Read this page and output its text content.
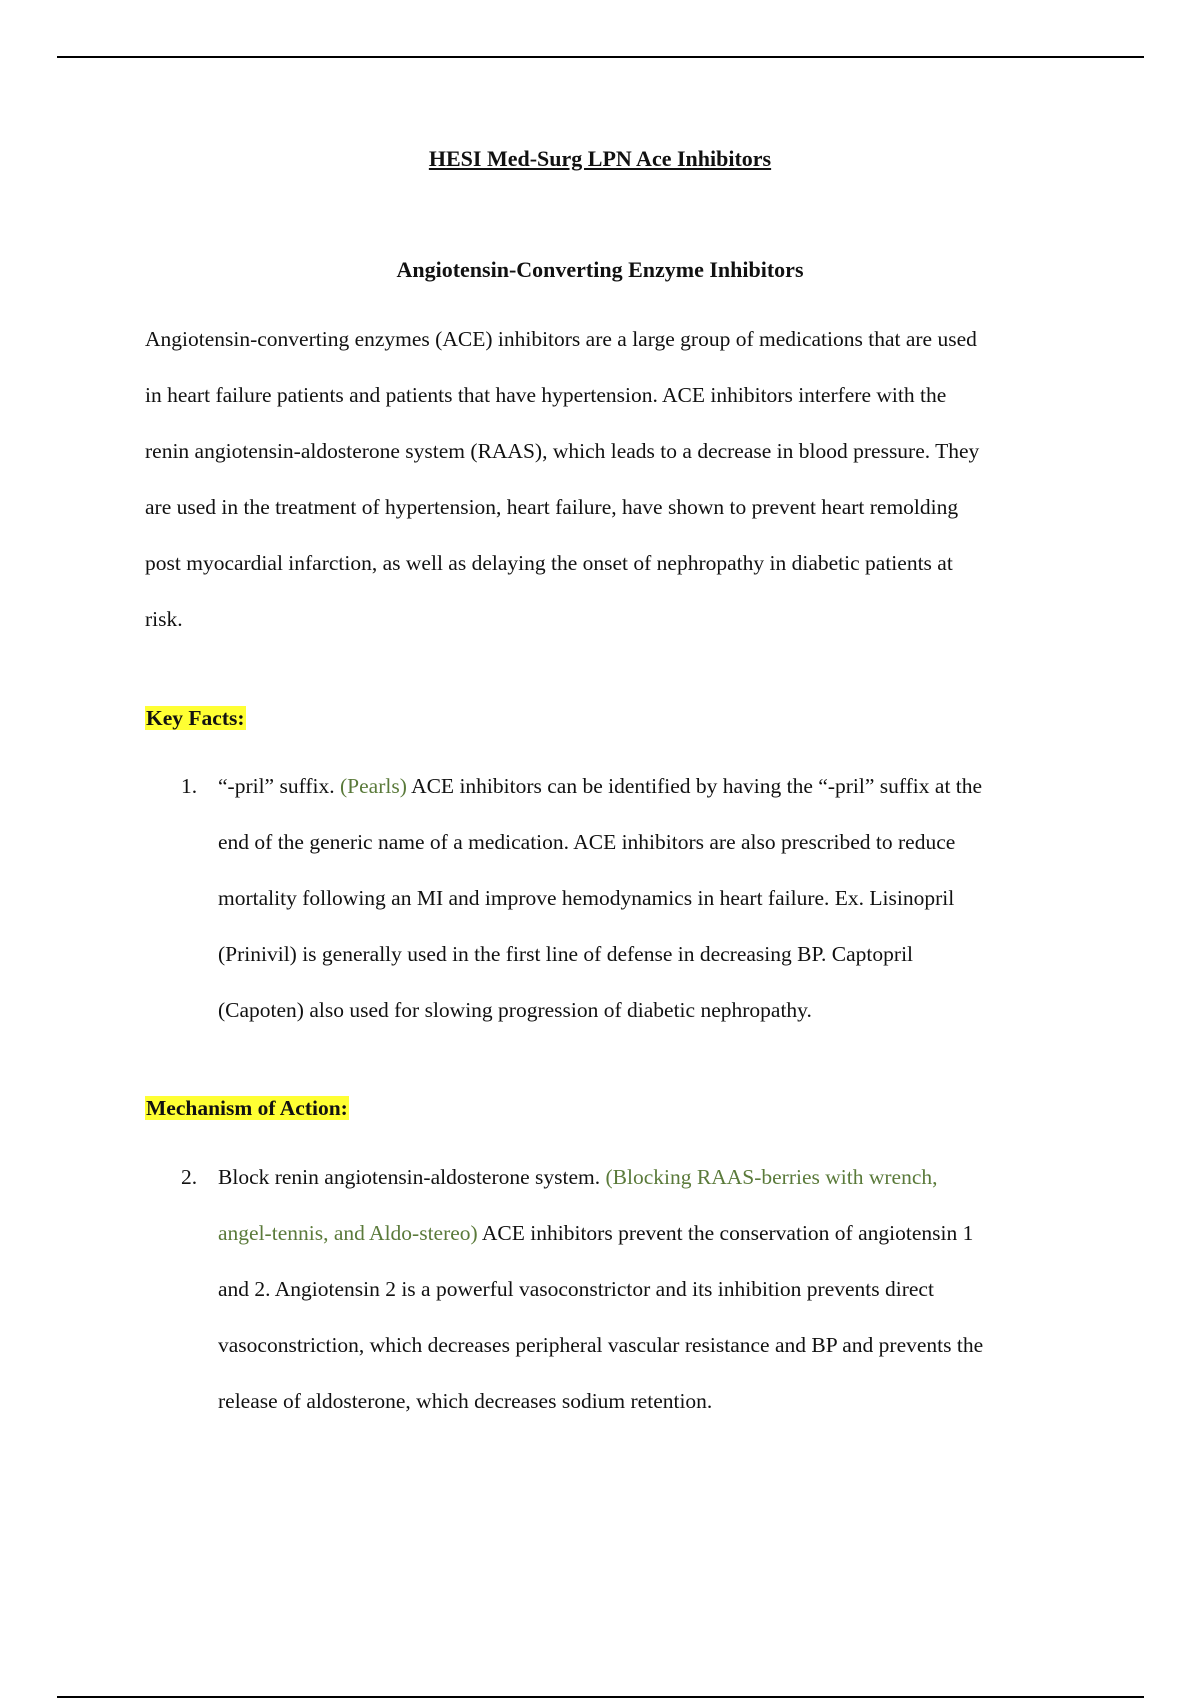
HESI Med-Surg LPN Ace Inhibitors
Angiotensin-Converting Enzyme Inhibitors

Angiotensin-converting enzymes (ACE) inhibitors are a large group of medications that are used
in heart failure patients and patients that have hypertension. ACE inhibitors interfere with the
renin angiotensin-aldosterone system (RAAS), which leads to a decrease in blood pressure. They
are used in the treatment of hypertension, heart failure, have shown to prevent heart remolding
post myocardial infarction, as well as delaying the onset of nephropathy in diabetic patients at
risk.

Key Facts:

1. “-pril” suffix. (Pearls) ACE inhibitors can be identified by having the “-pril” suffix at the
end of the generic name of a medication. ACE inhibitors are also prescribed to reduce
mortality following an MI and improve hemodynamics in heart failure. Ex. Lisinopril
(Prinivil) is generally used in the first line of defense in decreasing BP. Captopril
(Capoten) also used for slowing progression of diabetic nephropathy.

Mechanism of Action:

2. Block renin angiotensin-aldosterone system. (Blocking RAAS-berries with wrench,
angel-tennis, and Aldo-stereo) ACE inhibitors prevent the conservation of angiotensin 1
and 2. Angiotensin 2 is a powerful vasoconstrictor and its inhibition prevents direct
vasoconstriction, which decreases peripheral vascular resistance and BP and prevents the
release of aldosterone, which decreases sodium retention.
